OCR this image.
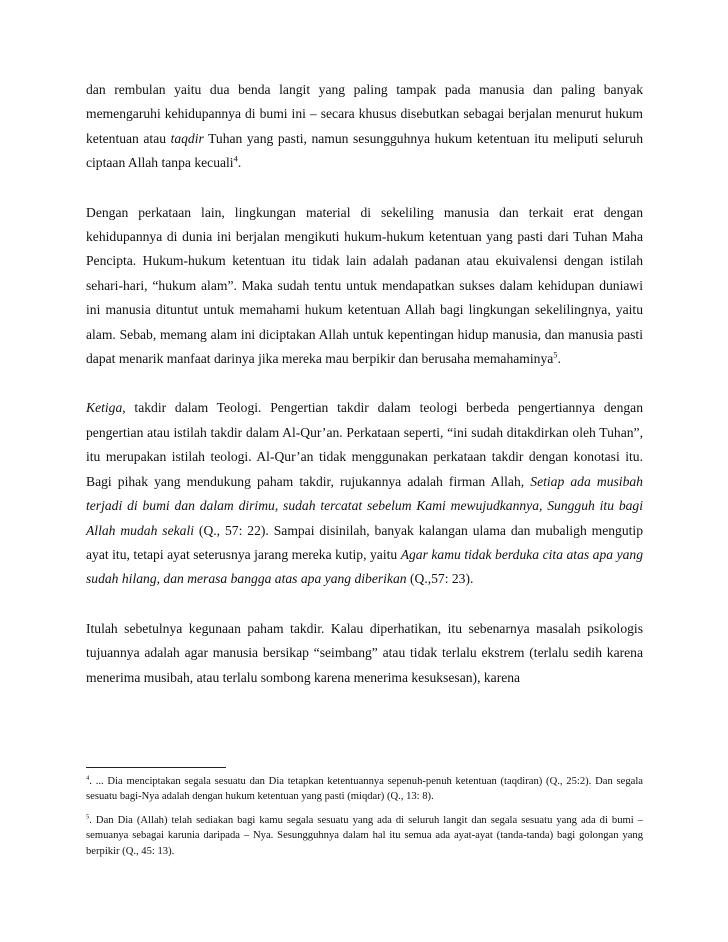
dan rembulan yaitu dua benda langit yang paling tampak pada manusia dan paling banyak memengaruhi kehidupannya di bumi ini – secara khusus disebutkan sebagai berjalan menurut hukum ketentuan atau taqdir Tuhan yang pasti, namun sesungguhnya hukum ketentuan itu meliputi seluruh ciptaan Allah tanpa kecuali$^4$.

Dengan perkataan lain, lingkungan material di sekeliling manusia dan terkait erat dengan kehidupannya di dunia ini berjalan mengikuti hukum-hukum ketentuan yang pasti dari Tuhan Maha Pencipta. Hukum-hukum ketentuan itu tidak lain adalah padanan atau ekuivalensi dengan istilah sehari-hari, “hukum alam”. Maka sudah tentu untuk mendapatkan sukses dalam kehidupan duniawi ini manusia dituntut untuk memahami hukum ketentuan Allah bagi lingkungan sekelilingnya, yaitu alam. Sebab, memang alam ini diciptakan Allah untuk kepentingan hidup manusia, dan manusia pasti dapat menarik manfaat darinya jika mereka mau berpikir dan berusaha memahaminya$^5$.

Ketiga, takdir dalam Teologi. Pengertian takdir dalam teologi berbeda pengertiannya dengan pengertian atau istilah takdir dalam Al-Qur’an. Perkataan seperti, “ini sudah ditakdirkan oleh Tuhan”, itu merupakan istilah teologi. Al-Qur’an tidak menggunakan perkataan takdir dengan konotasi itu. Bagi pihak yang mendukung paham takdir, rujukannya adalah firman Allah, Setiap ada musibah terjadi di bumi dan dalam dirimu, sudah tercatat sebelum Kami mewujudkannya, Sungguh itu bagi Allah mudah sekali (Q., 57: 22). Sampai disinilah, banyak kalangan ulama dan mubaligh mengutip ayat itu, tetapi ayat seterusnya jarang mereka kutip, yaitu Agar kamu tidak berduka cita atas apa yang sudah hilang, dan merasa bangga atas apa yang diberikan (Q.,57: 23).

Itulah sebetulnya kegunaan paham takdir. Kalau diperhatikan, itu sebenarnya masalah psikologis tujuannya adalah agar manusia bersikap “seimbang” atau tidak terlalu ekstrem (terlalu sedih karena menerima musibah, atau terlalu sombong karena menerima kesuksesan), karena

$^4$. ... Dia menciptakan segala sesuatu dan Dia tetapkan ketentuannya sepenuh-penuh ketentuan (taqdiran) (Q., 25:2). Dan segala sesuatu bagi-Nya adalah dengan hukum ketentuan yang pasti (miqdar) (Q., 13: 8).

$^5$. Dan Dia (Allah) telah sediakan bagi kamu segala sesuatu yang ada di seluruh langit dan segala sesuatu yang ada di bumi – semuanya sebagai karunia daripada – Nya. Sesungguhnya dalam hal itu semua ada ayat-ayat (tanda-tanda) bagi golongan yang berpikir (Q., 45: 13).
